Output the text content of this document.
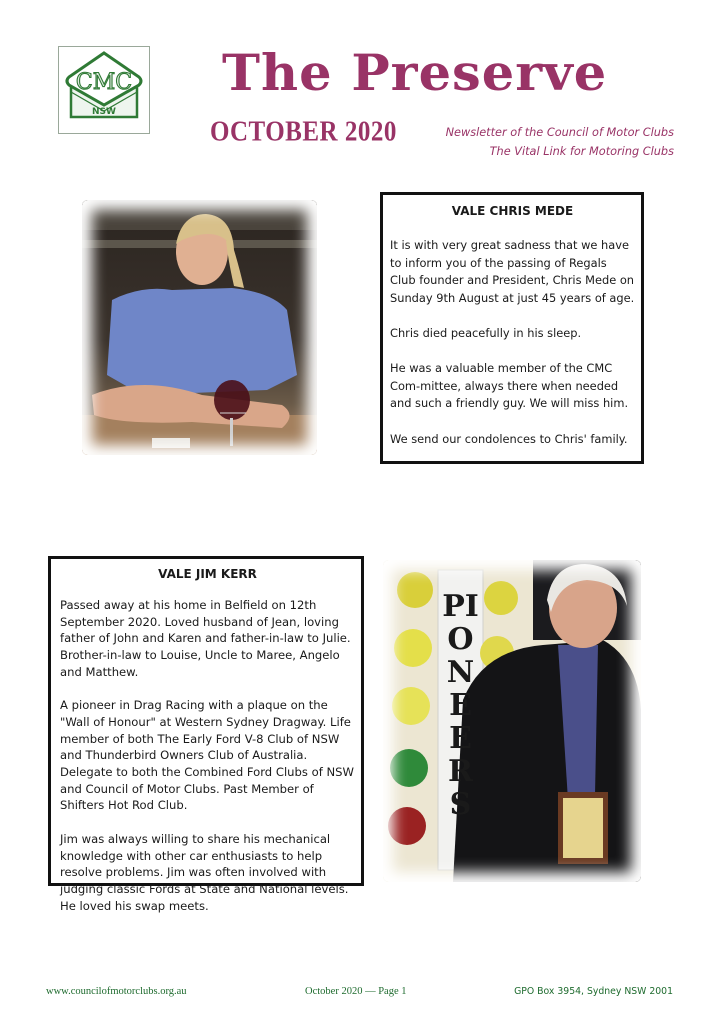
CMC
NSW
The Preserve
OCTOBER 2020	Newsletter of the Council of Motor Clubs
The Vital Link for Motoring Clubs
VALE CHRIS MEDE

It is with very great sadness that we have to inform you of the passing of Regals Club founder and President, Chris Mede on Sunday 9th August at just 45 years of age.

Chris died peacefully in his sleep.

He was a valuable member of the CMC Com-mittee, always there when needed and such a friendly guy. We will miss him.

We send our condolences to Chris' family.

VALE JIM KERR

Passed away at his home in Belfield on 12th September 2020. Loved husband of Jean, loving father of John and Karen and father-in-law to Julie. Brother-in-law to Louise, Uncle to Maree, Angelo and Matthew.

A pioneer in Drag Racing with a plaque on the "Wall of Honour" at Western Sydney Dragway. Life member of both The Early Ford V-8 Club of NSW and Thunderbird Owners Club of Australia. Delegate to both the Combined Ford Clubs of NSW and Council of Motor Clubs. Past Member of Shifters Hot Rod Club.

Jim was always willing to share his mechanical knowledge with other car enthusiasts to help resolve problems. Jim was often involved with judging classic Fords at State and National levels. He loved his swap meets.

PIONEERS
www.councilofmotorclubs.org.au	October 2020 — Page 1	GPO Box 3954, Sydney NSW 2001
